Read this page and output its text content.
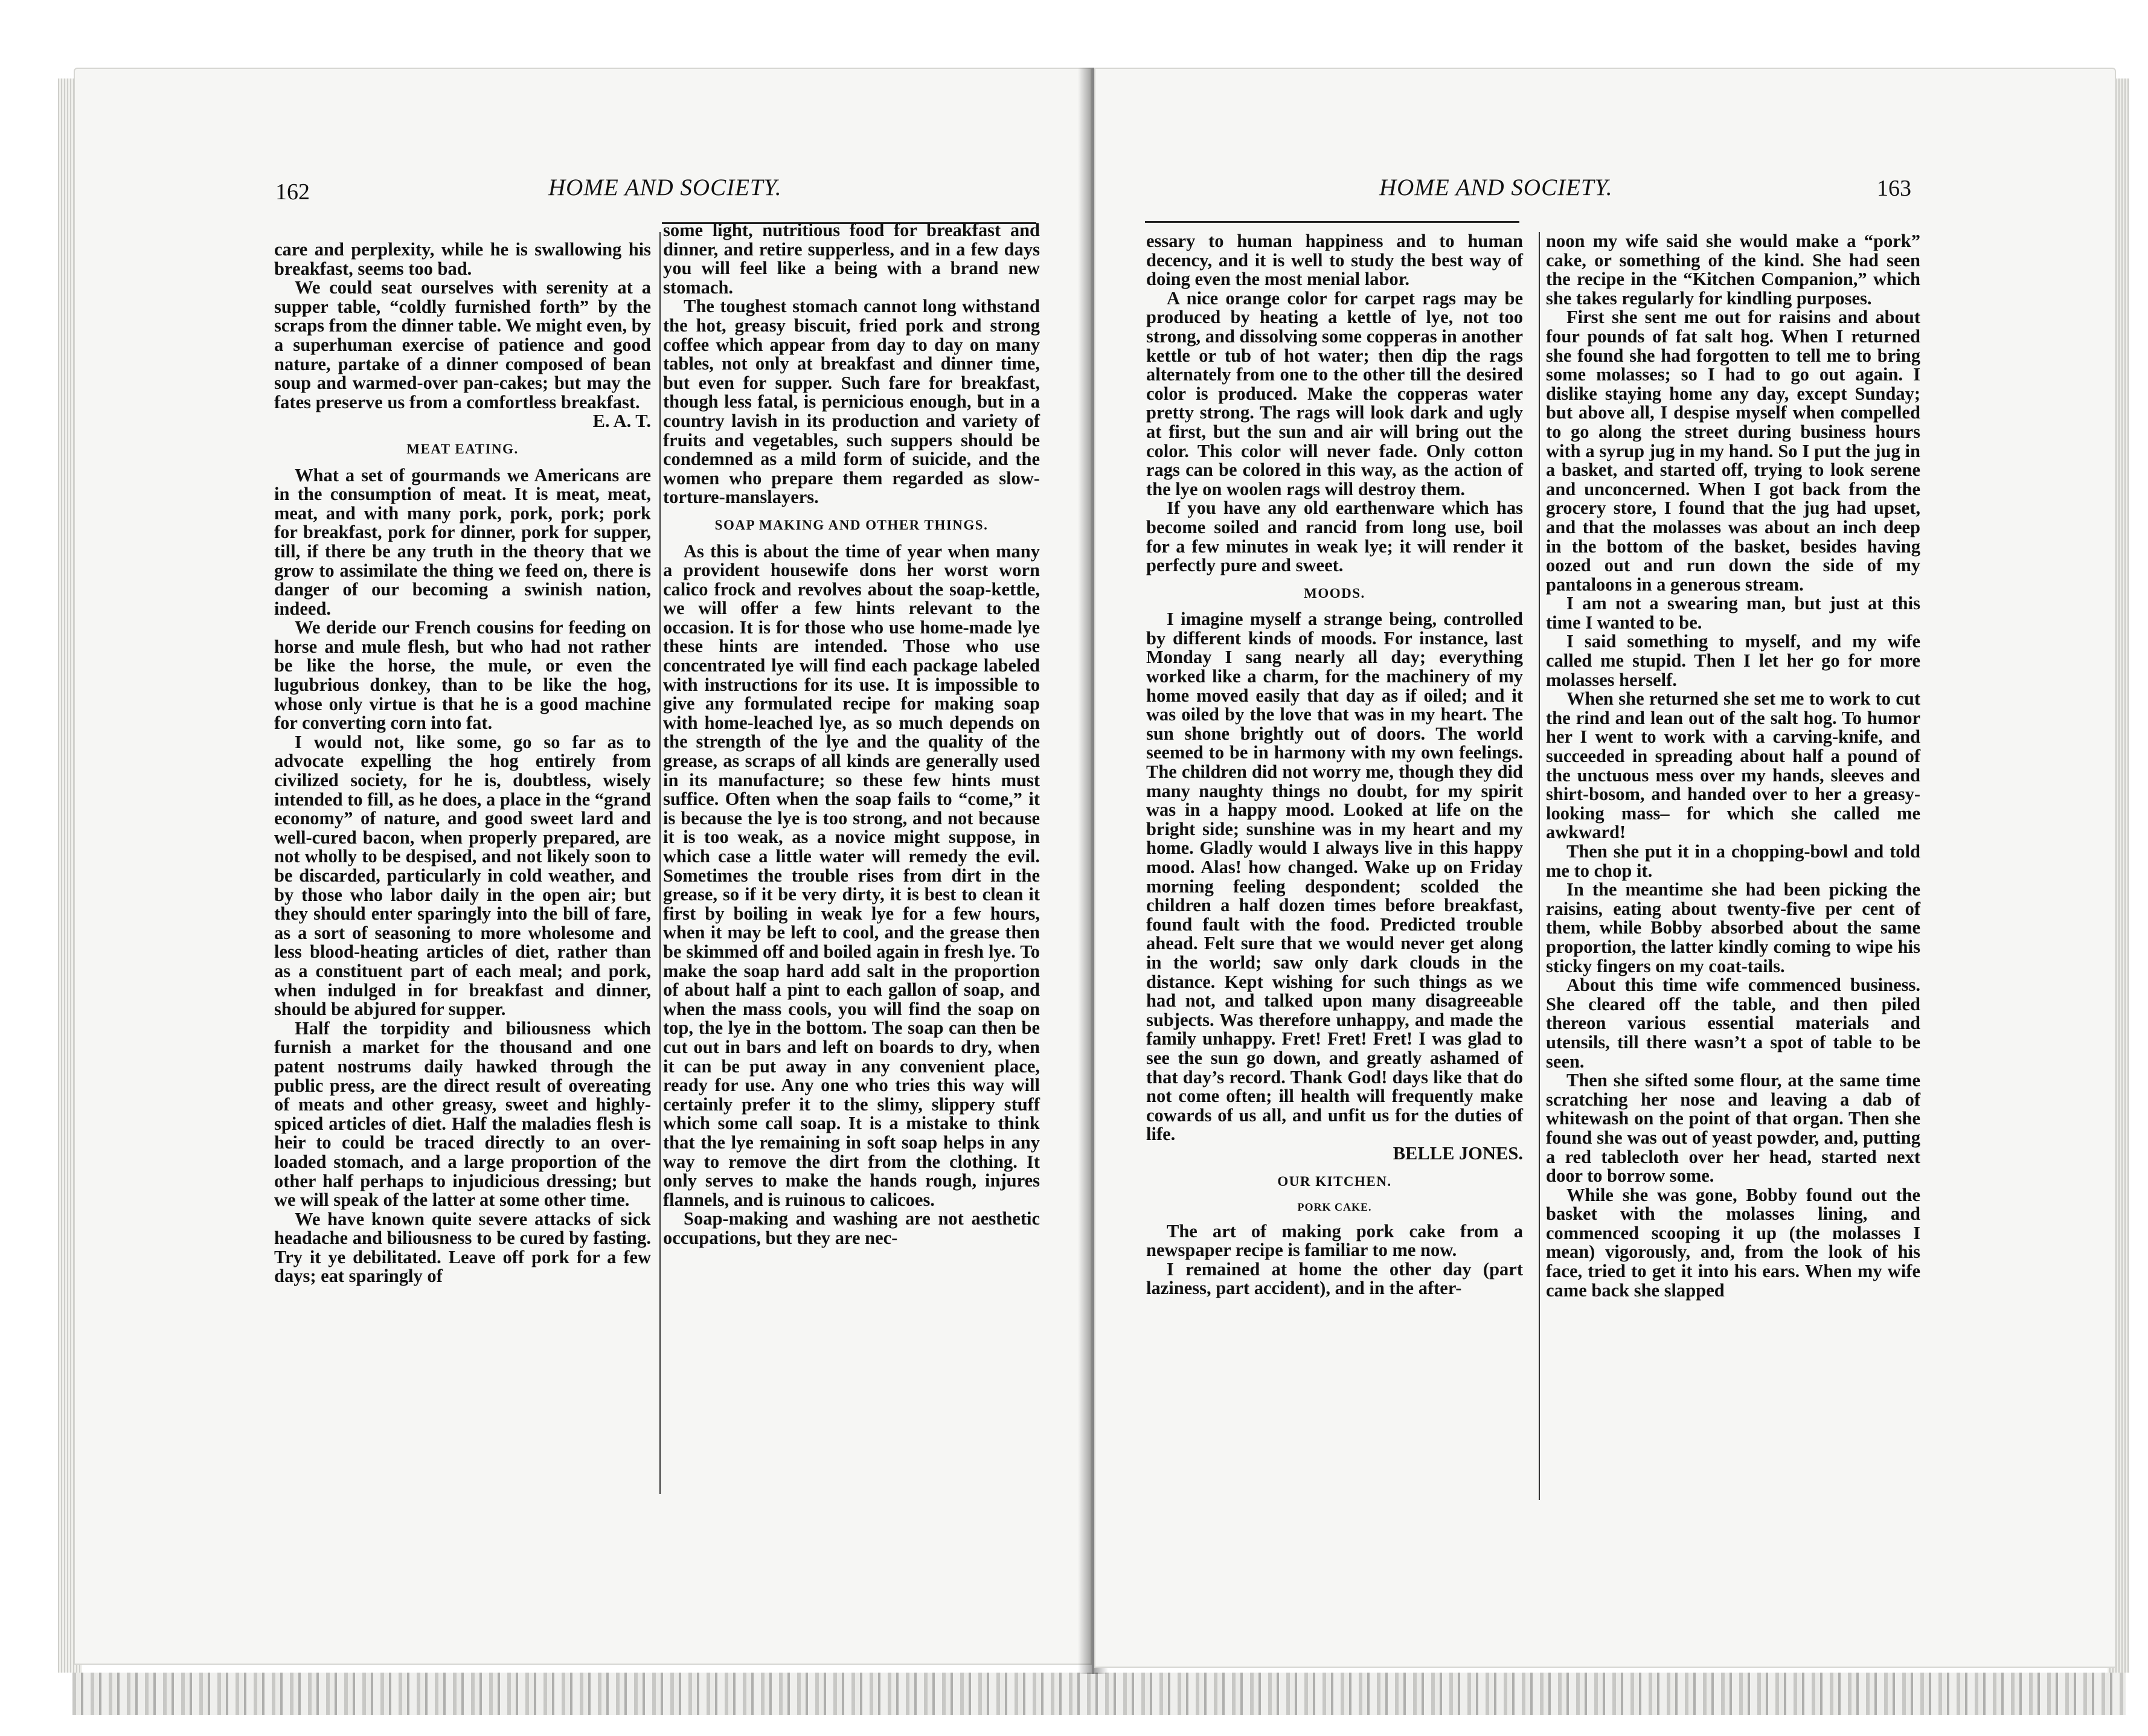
162	HOME AND SOCIETY.

care and perplexity, while he is swallowing his breakfast, seems too bad.

We could seat ourselves with serenity at a supper table, “coldly furnished forth” by the scraps from the dinner table. We might even, by a superhuman exercise of patience and good nature, partake of a dinner composed of bean soup and warmed-over pan-cakes; but may the fates preserve us from a comfortless breakfast.

E. A. T.
MEAT EATING.

What a set of gourmands we Americans are in the consumption of meat. It is meat, meat, meat, and with many pork, pork, pork; pork for breakfast, pork for dinner, pork for supper, till, if there be any truth in the theory that we grow to assimilate the thing we feed on, there is danger of our becoming a swinish nation, indeed.

We deride our French cousins for feeding on horse and mule flesh, but who had not rather be like the horse, the mule, or even the lugubrious donkey, than to be like the hog, whose only virtue is that he is a good machine for converting corn into fat.

I would not, like some, go so far as to advocate expelling the hog entirely from civilized society, for he is, doubtless, wisely intended to fill, as he does, a place in the “grand economy” of nature, and good sweet lard and well-cured bacon, when properly prepared, are not wholly to be despised, and not likely soon to be discarded, particularly in cold weather, and by those who labor daily in the open air; but they should enter sparingly into the bill of fare, as a sort of seasoning to more wholesome and less blood-heating articles of diet, rather than as a constituent part of each meal; and pork, when indulged in for breakfast and dinner, should be abjured for supper.

Half the torpidity and biliousness which furnish a market for the thousand and one patent nostrums daily hawked through the public press, are the direct result of overeating of meats and other greasy, sweet and highly-spiced articles of diet. Half the maladies flesh is heir to could be traced directly to an over-loaded stomach, and a large proportion of the other half perhaps to injudicious dressing; but we will speak of the latter at some other time.

We have known quite severe attacks of sick headache and biliousness to be cured by fasting. Try it ye debilitated. Leave off pork for a few days; eat sparingly of

some light, nutritious food for breakfast and dinner, and retire supperless, and in a few days you will feel like a being with a brand new stomach.

The toughest stomach cannot long withstand the hot, greasy biscuit, fried pork and strong coffee which appear from day to day on many tables, not only at breakfast and dinner time, but even for supper. Such fare for breakfast, though less fatal, is pernicious enough, but in a country lavish in its production and variety of fruits and vegetables, such suppers should be condemned as a mild form of suicide, and the women who prepare them regarded as slow-torture-manslayers.

SOAP MAKING AND OTHER THINGS.

As this is about the time of year when many a provident housewife dons her worst worn calico frock and revolves about the soap-kettle, we will offer a few hints relevant to the occasion. It is for those who use home-made lye these hints are intended. Those who use concentrated lye will find each package labeled with instructions for its use. It is impossible to give any formulated recipe for making soap with home-leached lye, as so much depends on the strength of the lye and the quality of the grease, as scraps of all kinds are generally used in its manufacture; so these few hints must suffice. Often when the soap fails to “come,” it is because the lye is too strong, and not because it is too weak, as a novice might suppose, in which case a little water will remedy the evil. Sometimes the trouble rises from dirt in the grease, so if it be very dirty, it is best to clean it first by boiling in weak lye for a few hours, when it may be left to cool, and the grease then be skimmed off and boiled again in fresh lye. To make the soap hard add salt in the proportion of about half a pint to each gallon of soap, and when the mass cools, you will find the soap on top, the lye in the bottom. The soap can then be cut out in bars and left on boards to dry, when it can be put away in any convenient place, ready for use. Any one who tries this way will certainly prefer it to the slimy, slippery stuff which some call soap. It is a mistake to think that the lye remaining in soft soap helps in any way to remove the dirt from the clothing. It only serves to make the hands rough, injures flannels, and is ruinous to calicoes.

Soap-making and washing are not aesthetic occupations, but they are nec-

HOME AND SOCIETY.	163

essary to human happiness and to human decency, and it is well to study the best way of doing even the most menial labor.

A nice orange color for carpet rags may be produced by heating a kettle of lye, not too strong, and dissolving some copperas in another kettle or tub of hot water; then dip the rags alternately from one to the other till the desired color is produced. Make the copperas water pretty strong. The rags will look dark and ugly at first, but the sun and air will bring out the color. This color will never fade. Only cotton rags can be colored in this way, as the action of the lye on woolen rags will destroy them.

If you have any old earthenware which has become soiled and rancid from long use, boil for a few minutes in weak lye; it will render it perfectly pure and sweet.

MOODS.

I imagine myself a strange being, controlled by different kinds of moods. For instance, last Monday I sang nearly all day; everything worked like a charm, for the machinery of my home moved easily that day as if oiled; and it was oiled by the love that was in my heart. The sun shone brightly out of doors. The world seemed to be in harmony with my own feelings. The children did not worry me, though they did many naughty things no doubt, for my spirit was in a happy mood. Looked at life on the bright side; sunshine was in my heart and my home. Gladly would I always live in this happy mood. Alas! how changed. Wake up on Friday morning feeling despondent; scolded the children a half dozen times before breakfast, found fault with the food. Predicted trouble ahead. Felt sure that we would never get along in the world; saw only dark clouds in the distance. Kept wishing for such things as we had not, and talked upon many disagreeable subjects. Was therefore unhappy, and made the family unhappy. Fret! Fret! Fret! I was glad to see the sun go down, and greatly ashamed of that day’s record. Thank God! days like that do not come often; ill health will frequently make cowards of us all, and unfit us for the duties of life.

BELLE JONES.
OUR KITCHEN.
PORK CAKE.

The art of making pork cake from a newspaper recipe is familiar to me now.

I remained at home the other day (part laziness, part accident), and in the after-

noon my wife said she would make a “pork” cake, or something of the kind. She had seen the recipe in the “Kitchen Companion,” which she takes regularly for kindling purposes.

First she sent me out for raisins and about four pounds of fat salt hog. When I returned she found she had forgotten to tell me to bring some molasses; so I had to go out again. I dislike staying home any day, except Sunday; but above all, I despise myself when compelled to go along the street during business hours with a syrup jug in my hand. So I put the jug in a basket, and started off, trying to look serene and unconcerned. When I got back from the grocery store, I found that the jug had upset, and that the molasses was about an inch deep in the bottom of the basket, besides having oozed out and run down the side of my pantaloons in a generous stream.

I am not a swearing man, but just at this time I wanted to be.

I said something to myself, and my wife called me stupid. Then I let her go for more molasses herself.

When she returned she set me to work to cut the rind and lean out of the salt hog. To humor her I went to work with a carving-knife, and succeeded in spreading about half a pound of the unctuous mess over my hands, sleeves and shirt-bosom, and handed over to her a greasy-looking mass– for which she called me awkward!

Then she put it in a chopping-bowl and told me to chop it.

In the meantime she had been picking the raisins, eating about twenty-five per cent of them, while Bobby absorbed about the same proportion, the latter kindly coming to wipe his sticky fingers on my coat-tails.

About this time wife commenced business. She cleared off the table, and then piled thereon various essential materials and utensils, till there wasn’t a spot of table to be seen.

Then she sifted some flour, at the same time scratching her nose and leaving a dab of whitewash on the point of that organ. Then she found she was out of yeast powder, and, putting a red tablecloth over her head, started next door to borrow some.

While she was gone, Bobby found out the basket with the molasses lining, and commenced scooping it up (the molasses I mean) vigorously, and, from the look of his face, tried to get it into his ears. When my wife came back she slapped
